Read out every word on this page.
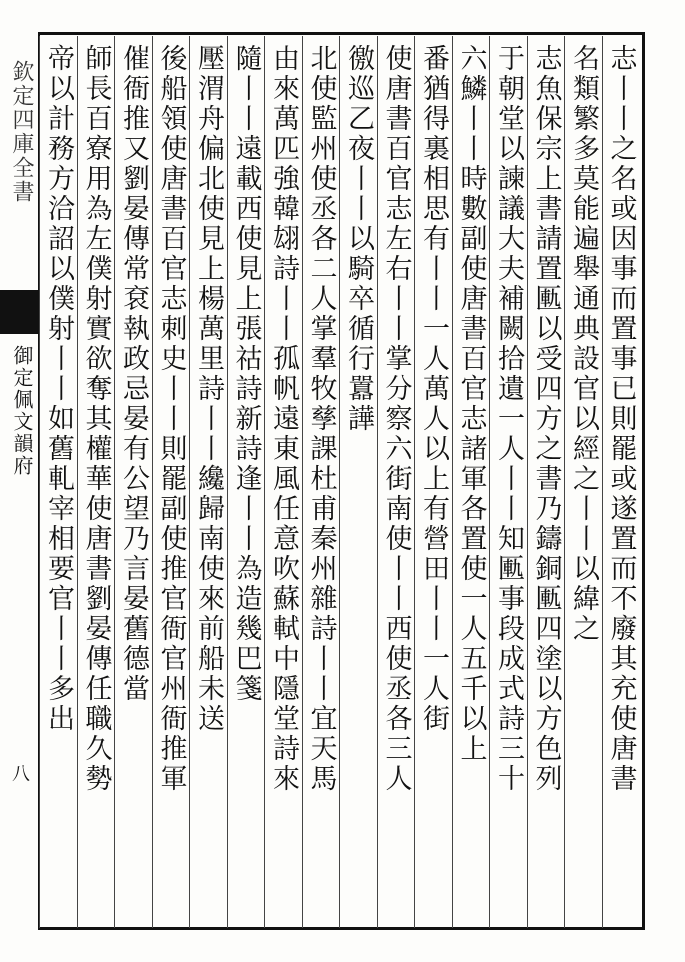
欽定四庫全書
御定佩文韻府
八	志丨丨之名或因事而置事已則罷或遂置而不廢其充使唐書
名類繁多莫能遍舉通典設官以經之丨丨以緯之
志魚保宗上書請置匭以受四方之書乃鑄銅匭四塗以方色列
于朝堂以諫議大夫補闕拾遺一人丨丨知匭事段成式詩三十
六鱗丨丨時數副使唐書百官志諸軍各置使一人五千以上
番猶得裏相思有丨丨一人萬人以上有營田丨丨一人街
使唐書百官志左右丨丨掌分察六街南使丨丨西使丞各三人
徼巡乙夜丨丨以騎卒循行囂譁
北使監州使丞各二人掌羣牧孳課杜甫秦州雜詩丨丨宜天馬
由來萬匹強韓翃詩丨丨孤帆遠東風任意吹蘇軾中隱堂詩來
隨丨丨遠載西使見上張祜詩新詩逢丨丨為造幾巴箋
壓渭舟偏北使見上楊萬里詩丨丨纔歸南使來前船未送
後船領使唐書百官志刺史丨丨則罷副使推官衙官州衙推軍
催衙推又劉晏傳常袞執政忌晏有公望乃言晏舊德當
師長百寮用為左僕射實欲奪其權華使唐書劉晏傳任職久勢
帝以計務方洽詔以僕射丨丨如舊軋宰相要官丨丨多出
